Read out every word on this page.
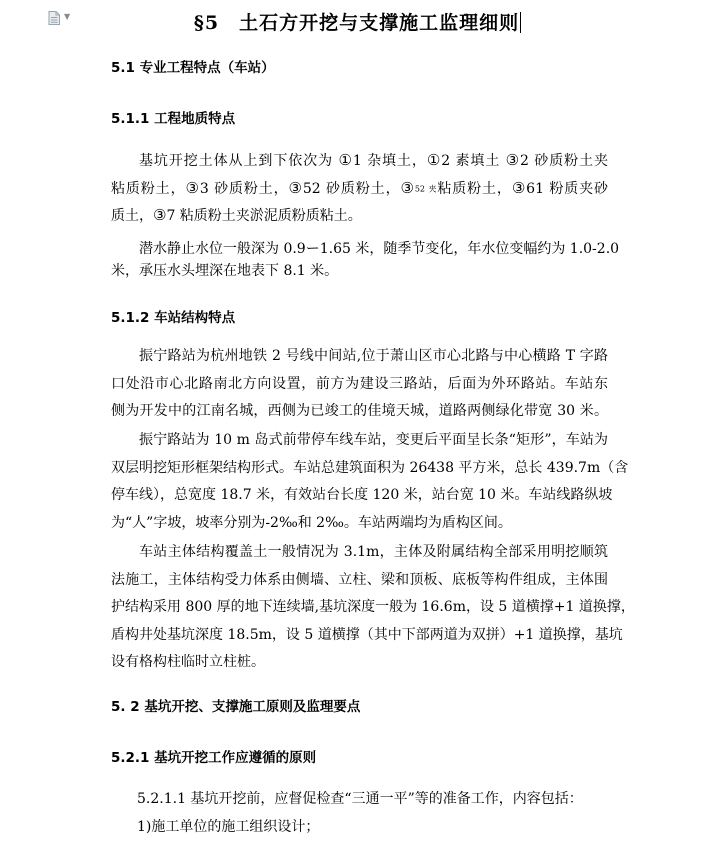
▼	§5　土石方开挖与支撑施工监理细则
5.1 专业工程特点（车站）
5.1.1 工程地质特点
基坑开挖土体从上到下依次为 ①1 杂填土，①2 素填土 ③2 砂质粉土夹
粘质粉土，③3 砂质粉土，③52 砂质粉土，③52 夹粘质粉土，③61 粉质夹砂
质土，③7 粘质粉土夹淤泥质粉质粘土。
潜水静止水位一般深为 0.9ー1.65 米，随季节变化，年水位变幅约为 1.0-2.0
米，承压水头埋深在地表下 8.1 米。
5.1.2 车站结构特点
振宁路站为杭州地铁 2 号线中间站,位于萧山区市心北路与中心横路 T 字路
口处沿市心北路南北方向设置，前方为建设三路站，后面为外环路站。车站东
侧为开发中的江南名城，西侧为已竣工的佳境天城，道路两侧绿化带宽 30 米。
振宁路站为 10 m 岛式前带停车线车站，变更后平面呈长条“矩形”，车站为
双层明挖矩形框架结构形式。车站总建筑面积为 26438 平方米，总长 439.7m（含
停车线），总宽度 18.7 米，有效站台长度 120 米，站台宽 10 米。车站线路纵坡
为“人”字坡，坡率分别为-2‰和 2‰。车站两端均为盾构区间。
车站主体结构覆盖土一般情况为 3.1m，主体及附属结构全部采用明挖顺筑
法施工，主体结构受力体系由侧墙、立柱、梁和顶板、底板等构件组成，主体围
护结构采用 800 厚的地下连续墙,基坑深度一般为 16.6m，设 5 道横撑+1 道换撑，
盾构井处基坑深度 18.5m，设 5 道横撑（其中下部两道为双拼）+1 道换撑，基坑
设有格构柱临时立柱桩。
5. 2 基坑开挖、支撑施工原则及监理要点
5.2.1 基坑开挖工作应遵循的原则
5.2.1.1 基坑开挖前，应督促检查“三通一平”等的准备工作，内容包括：
1)施工单位的施工组织设计；
